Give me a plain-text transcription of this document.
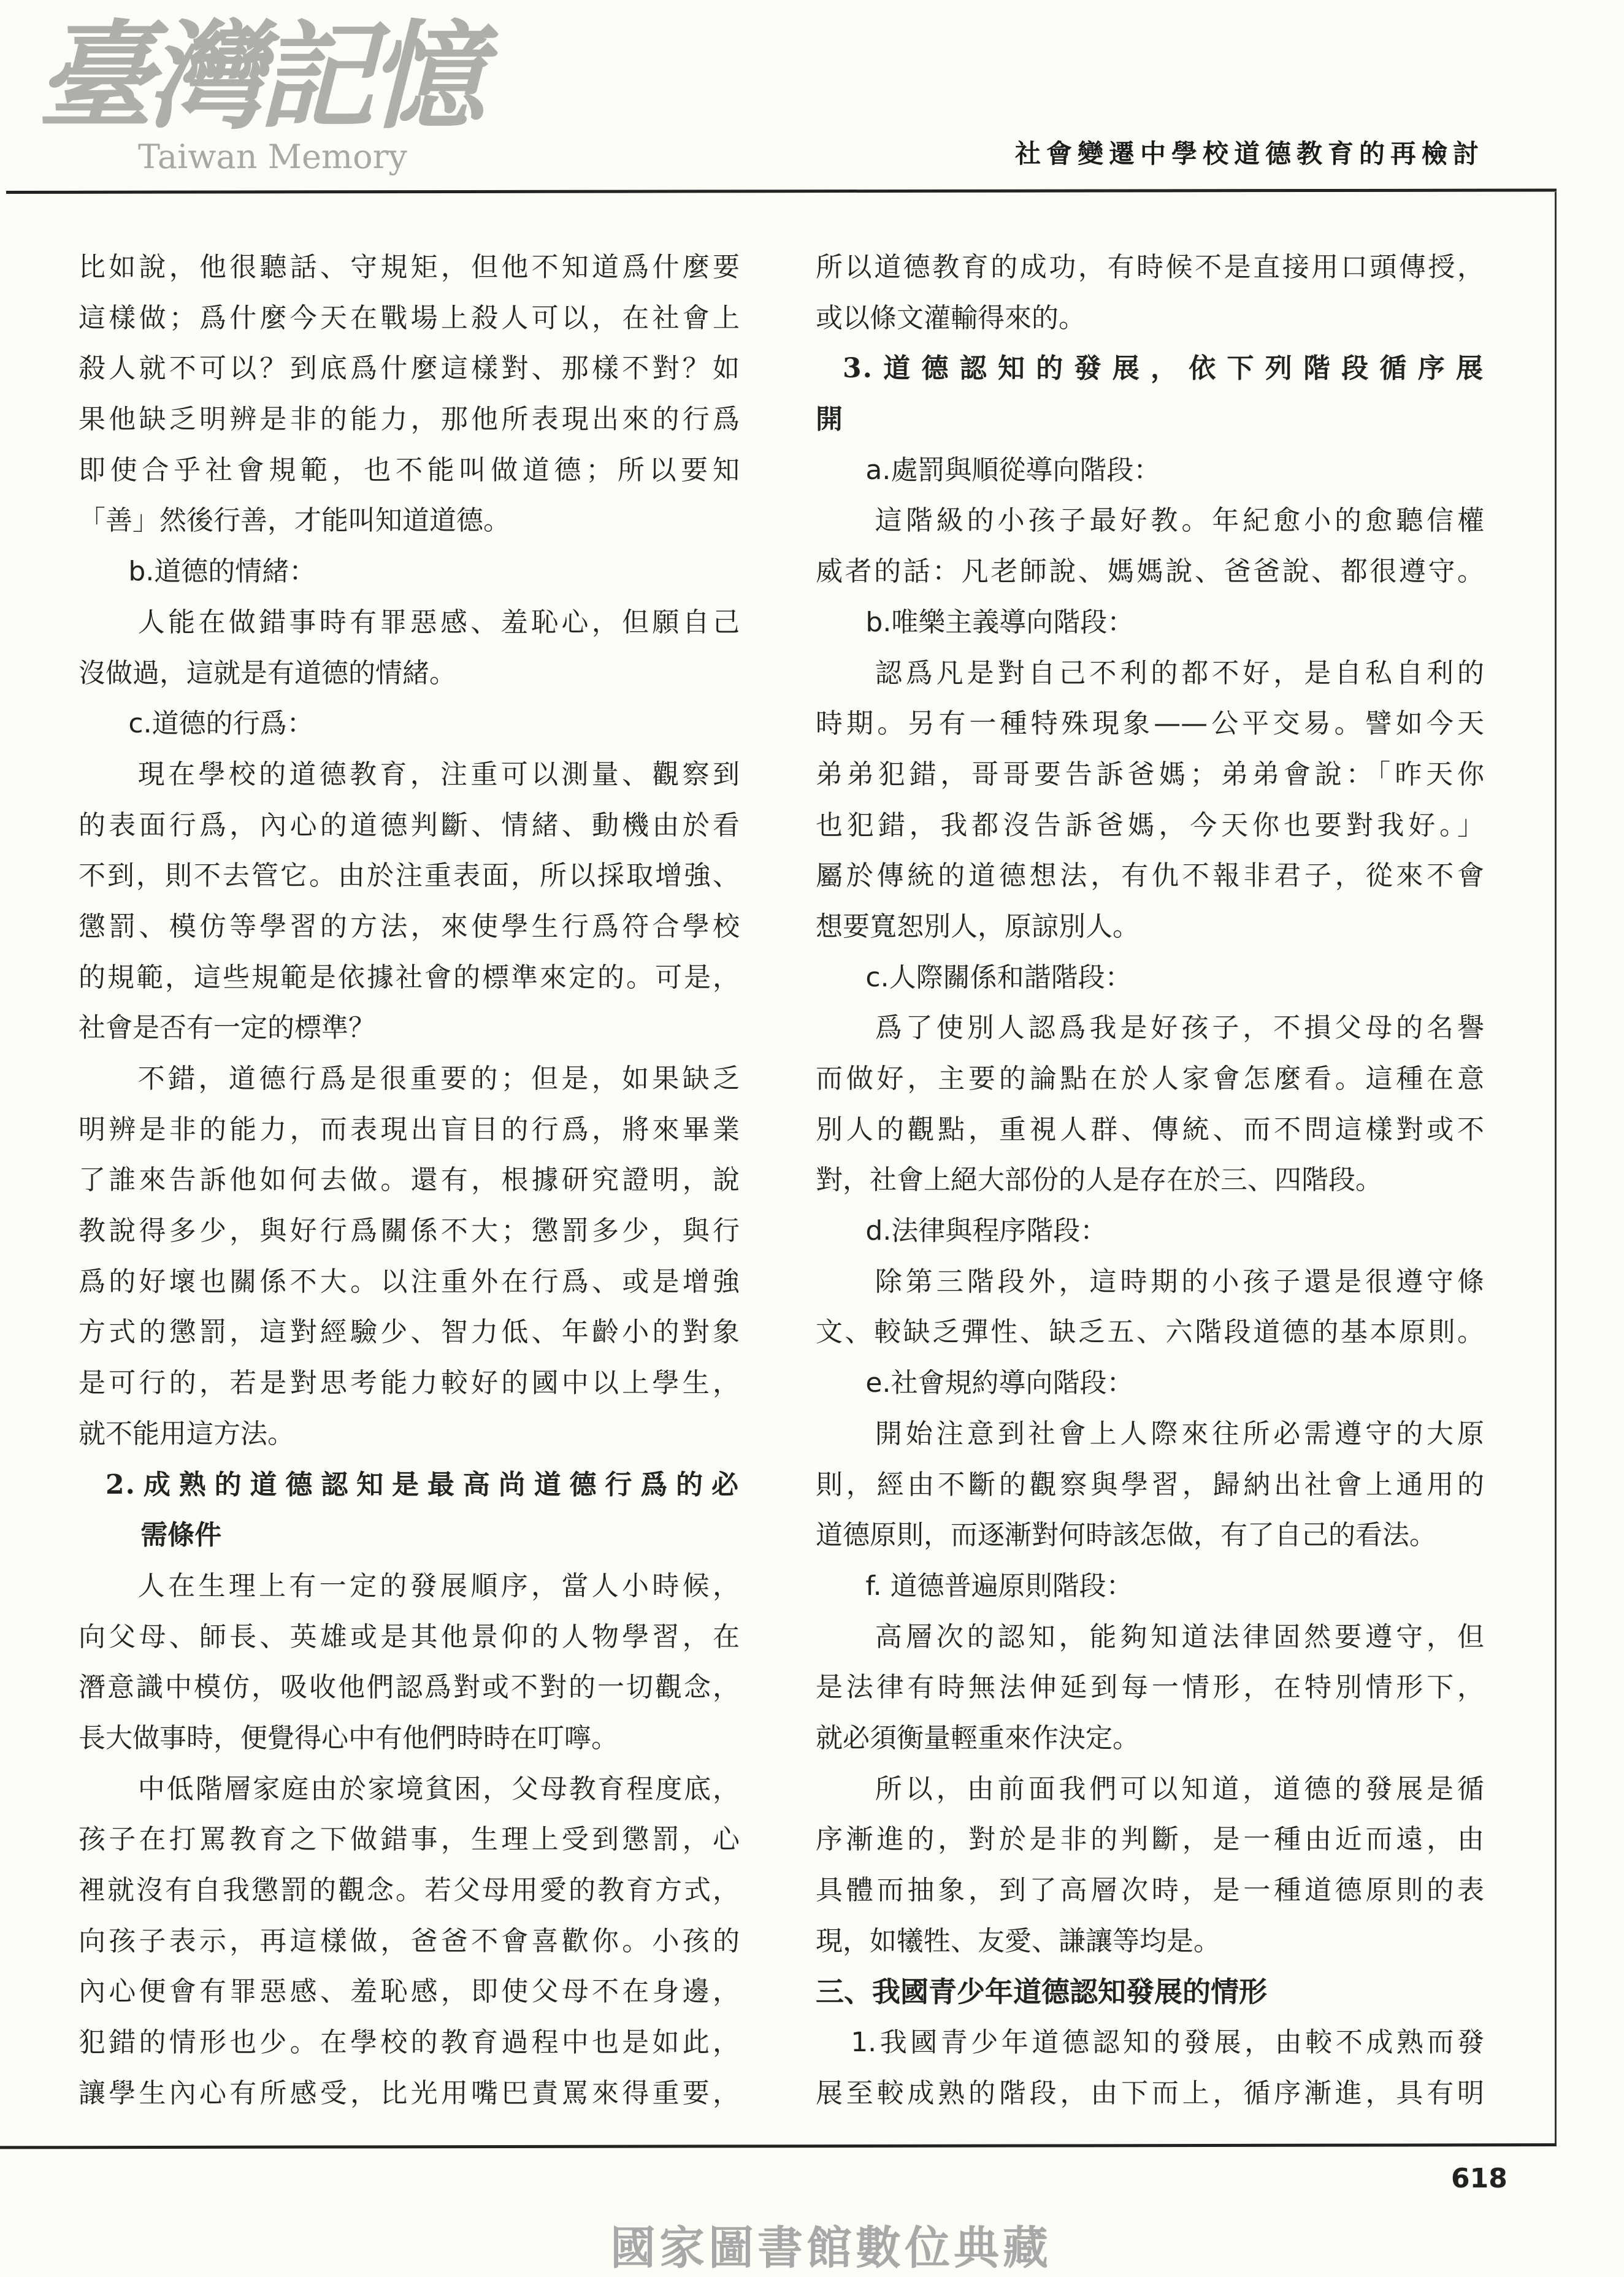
社會變遷中學校道德教育的再檢討
臺灣記憶
Taiwan Memory
比如說，他很聽話、守規矩，但他不知道爲什麼要
這樣做；爲什麼今天在戰場上殺人可以，在社會上
殺人就不可以？到底爲什麼這樣對、那樣不對？如
果他缺乏明辨是非的能力，那他所表現出來的行爲
即使合乎社會規範，也不能叫做道德；所以要知
「善」然後行善，才能叫知道道德。
b.道德的情緒：
人能在做錯事時有罪惡感、羞恥心，但願自己
沒做過，這就是有道德的情緒。
c.道德的行爲：
現在學校的道德教育，注重可以測量、觀察到
的表面行爲，內心的道德判斷、情緒、動機由於看
不到，則不去管它。由於注重表面，所以採取增強、
懲罰、模仿等學習的方法，來使學生行爲符合學校
的規範，這些規範是依據社會的標準來定的。可是，
社會是否有一定的標準？
不錯，道德行爲是很重要的；但是，如果缺乏
明辨是非的能力，而表現出盲目的行爲，將來畢業
了誰來告訴他如何去做。還有，根據研究證明，說
教說得多少，與好行爲關係不大；懲罰多少，與行
爲的好壞也關係不大。以注重外在行爲、或是增強
方式的懲罰，這對經驗少、智力低、年齡小的對象
是可行的，若是對思考能力較好的國中以上學生，
就不能用這方法。
2.成熟的道德認知是最高尚道德行爲的必
需條件
人在生理上有一定的發展順序，當人小時候，
向父母、師長、英雄或是其他景仰的人物學習，在
潛意識中模仿，吸收他們認爲對或不對的一切觀念，
長大做事時，便覺得心中有他們時時在叮嚀。
中低階層家庭由於家境貧困，父母教育程度底，
孩子在打罵教育之下做錯事，生理上受到懲罰，心
裡就沒有自我懲罰的觀念。若父母用愛的教育方式，
向孩子表示，再這樣做，爸爸不會喜歡你。小孩的
內心便會有罪惡感、羞恥感，即使父母不在身邊，
犯錯的情形也少。在學校的教育過程中也是如此，
讓學生內心有所感受，比光用嘴巴責罵來得重要，
所以道德教育的成功，有時候不是直接用口頭傳授，
或以條文灌輸得來的。
3.道德認知的發展，依下列階段循序展
開
a.處罰與順從導向階段：
這階級的小孩子最好教。年紀愈小的愈聽信權
威者的話：凡老師說、媽媽說、爸爸說、都很遵守。
b.唯樂主義導向階段：
認爲凡是對自己不利的都不好，是自私自利的
時期。另有一種特殊現象——公平交易。譬如今天
弟弟犯錯，哥哥要告訴爸媽；弟弟會說：「昨天你
也犯錯，我都沒告訴爸媽，今天你也要對我好。」
屬於傳統的道德想法，有仇不報非君子，從來不會
想要寬恕別人，原諒別人。
c.人際關係和諧階段：
爲了使別人認爲我是好孩子，不損父母的名譽
而做好，主要的論點在於人家會怎麼看。這種在意
別人的觀點，重視人群、傳統、而不問這樣對或不
對，社會上絕大部份的人是存在於三、四階段。
d.法律與程序階段：
除第三階段外，這時期的小孩子還是很遵守條
文、較缺乏彈性、缺乏五、六階段道德的基本原則。
e.社會規約導向階段：
開始注意到社會上人際來往所必需遵守的大原
則，經由不斷的觀察與學習，歸納出社會上通用的
道德原則，而逐漸對何時該怎做，有了自己的看法。
f. 道德普遍原則階段：
高層次的認知，能夠知道法律固然要遵守，但
是法律有時無法伸延到每一情形，在特別情形下，
就必須衡量輕重來作決定。
所以，由前面我們可以知道，道德的發展是循
序漸進的，對於是非的判斷，是一種由近而遠，由
具體而抽象，到了高層次時，是一種道德原則的表
現，如犧牲、友愛、謙讓等均是。
三、我國青少年道德認知發展的情形
1.我國青少年道德認知的發展，由較不成熟而發
展至較成熟的階段，由下而上，循序漸進，具有明
618
國家圖書館數位典藏
